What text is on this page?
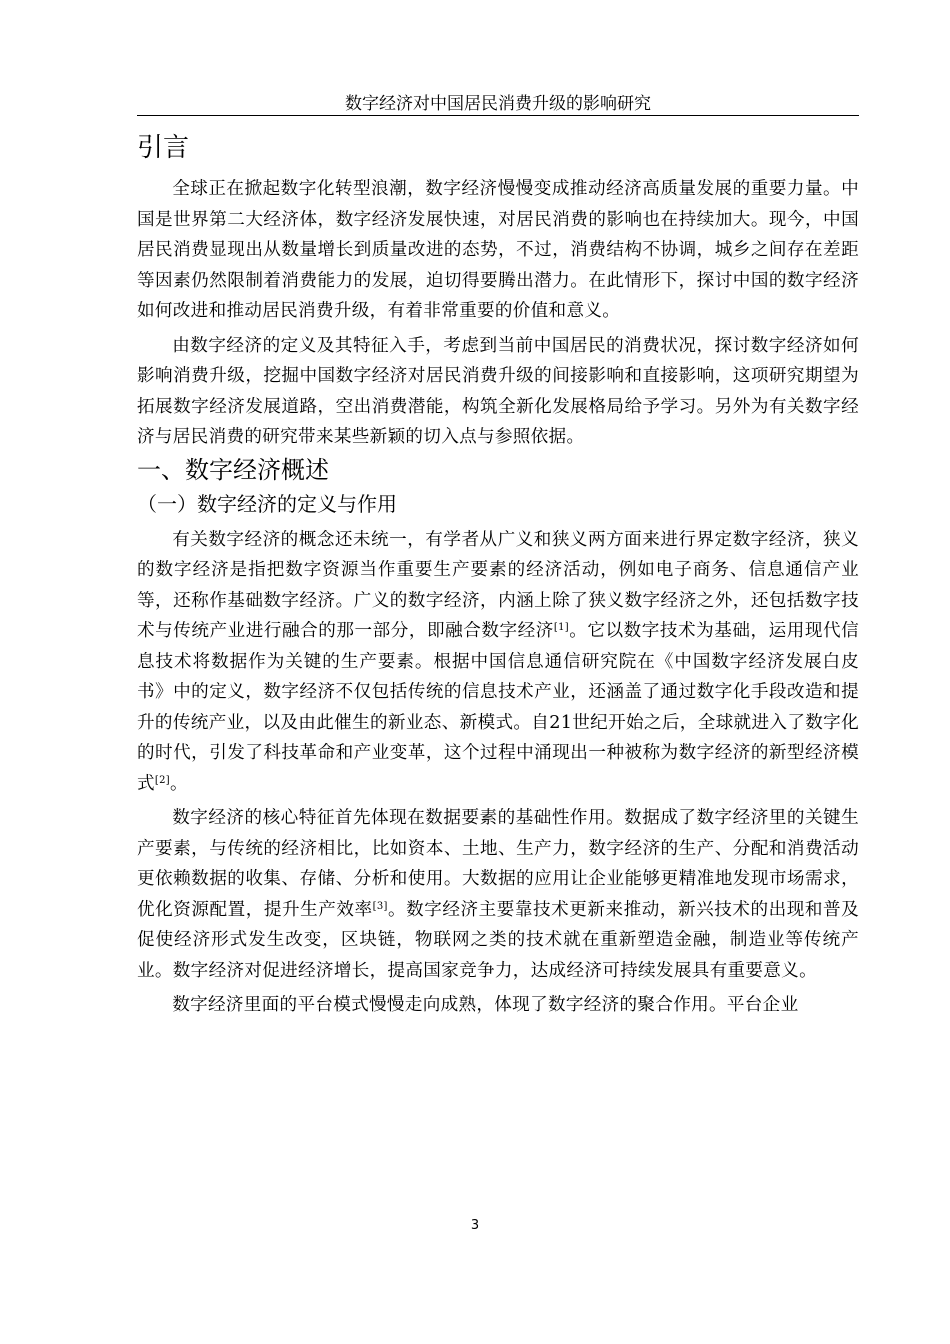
数字经济对中国居民消费升级的影响研究
引言

全球正在掀起数字化转型浪潮，数字经济慢慢变成推动经济高质量发展的重要力量。中国是世界第二大经济体，数字经济发展快速，对居民消费的影响也在持续加大。现今，中国居民消费显现出从数量增长到质量改进的态势，不过，消费结构不协调，城乡之间存在差距等因素仍然限制着消费能力的发展，迫切得要腾出潜力。在此情形下，探讨中国的数字经济如何改进和推动居民消费升级，有着非常重要的价值和意义。

由数字经济的定义及其特征入手，考虑到当前中国居民的消费状况，探讨数字经济如何影响消费升级，挖掘中国数字经济对居民消费升级的间接影响和直接影响，这项研究期望为拓展数字经济发展道路，空出消费潜能，构筑全新化发展格局给予学习。另外为有关数字经济与居民消费的研究带来某些新颖的切入点与参照依据。

一、数字经济概述
（一）数字经济的定义与作用

有关数字经济的概念还未统一，有学者从广义和狭义两方面来进行界定数字经济，狭义的数字经济是指把数字资源当作重要生产要素的经济活动，例如电子商务、信息通信产业等，还称作基础数字经济。广义的数字经济，内涵上除了狭义数字经济之外，还包括数字技术与传统产业进行融合的那一部分，即融合数字经济[1]。它以数字技术为基础，运用现代信息技术将数据作为关键的生产要素。根据中国信息通信研究院在《中国数字经济发展白皮书》中的定义，数字经济不仅包括传统的信息技术产业，还涵盖了通过数字化手段改造和提升的传统产业，以及由此催生的新业态、新模式。自21世纪开始之后，全球就进入了数字化的时代，引发了科技革命和产业变革，这个过程中涌现出一种被称为数字经济的新型经济模式[2]。

数字经济的核心特征首先体现在数据要素的基础性作用。数据成了数字经济里的关键生产要素，与传统的经济相比，比如资本、土地、生产力，数字经济的生产、分配和消费活动更依赖数据的收集、存储、分析和使用。大数据的应用让企业能够更精准地发现市场需求，优化资源配置，提升生产效率[3]。数字经济主要靠技术更新来推动，新兴技术的出现和普及促使经济形式发生改变，区块链，物联网之类的技术就在重新塑造金融，制造业等传统产业。数字经济对促进经济增长，提高国家竞争力，达成经济可持续发展具有重要意义。

数字经济里面的平台模式慢慢走向成熟，体现了数字经济的聚合作用。平台企业

3
